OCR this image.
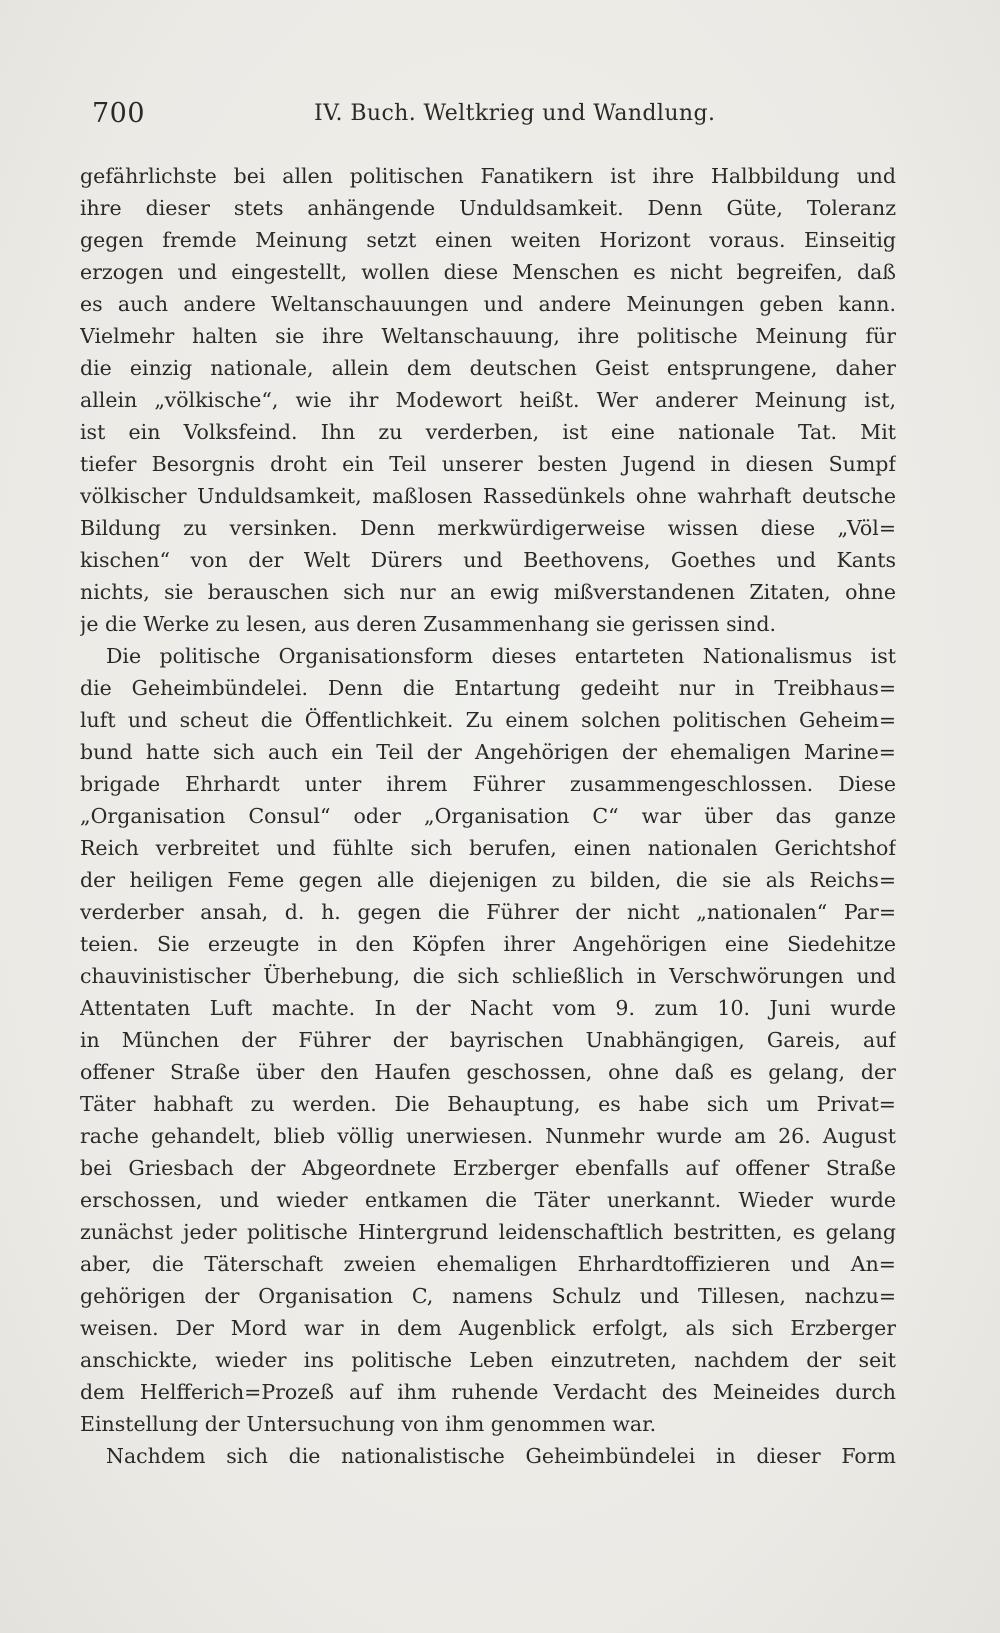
700	IV. Buch. Weltkrieg und Wandlung.
gefährlichste bei allen politischen Fanatikern ist ihre Halbbildung und
ihre dieser stets anhängende Unduldsamkeit. Denn Güte, Toleranz
gegen fremde Meinung setzt einen weiten Horizont voraus. Einseitig
erzogen und eingestellt, wollen diese Menschen es nicht begreifen, daß
es auch andere Weltanschauungen und andere Meinungen geben kann.
Vielmehr halten sie ihre Weltanschauung, ihre politische Meinung für
die einzig nationale, allein dem deutschen Geist entsprungene, daher
allein „völkische“, wie ihr Modewort heißt. Wer anderer Meinung ist,
ist ein Volksfeind. Ihn zu verderben, ist eine nationale Tat. Mit
tiefer Besorgnis droht ein Teil unserer besten Jugend in diesen Sumpf
völkischer Unduldsamkeit, maßlosen Rassedünkels ohne wahrhaft deutsche
Bildung zu versinken. Denn merkwürdigerweise wissen diese „Völ=
kischen“ von der Welt Dürers und Beethovens, Goethes und Kants
nichts, sie berauschen sich nur an ewig mißverstandenen Zitaten, ohne
je die Werke zu lesen, aus deren Zusammenhang sie gerissen sind.
Die politische Organisationsform dieses entarteten Nationalismus ist
die Geheimbündelei. Denn die Entartung gedeiht nur in Treibhaus=
luft und scheut die Öffentlichkeit. Zu einem solchen politischen Geheim=
bund hatte sich auch ein Teil der Angehörigen der ehemaligen Marine=
brigade Ehrhardt unter ihrem Führer zusammengeschlossen. Diese
„Organisation Consul“ oder „Organisation C“ war über das ganze
Reich verbreitet und fühlte sich berufen, einen nationalen Gerichtshof
der heiligen Feme gegen alle diejenigen zu bilden, die sie als Reichs=
verderber ansah, d. h. gegen die Führer der nicht „nationalen“ Par=
teien. Sie erzeugte in den Köpfen ihrer Angehörigen eine Siedehitze
chauvinistischer Überhebung, die sich schließlich in Verschwörungen und
Attentaten Luft machte. In der Nacht vom 9. zum 10. Juni wurde
in München der Führer der bayrischen Unabhängigen, Gareis, auf
offener Straße über den Haufen geschossen, ohne daß es gelang, der
Täter habhaft zu werden. Die Behauptung, es habe sich um Privat=
rache gehandelt, blieb völlig unerwiesen. Nunmehr wurde am 26. August
bei Griesbach der Abgeordnete Erzberger ebenfalls auf offener Straße
erschossen, und wieder entkamen die Täter unerkannt. Wieder wurde
zunächst jeder politische Hintergrund leidenschaftlich bestritten, es gelang
aber, die Täterschaft zweien ehemaligen Ehrhardtoffizieren und An=
gehörigen der Organisation C, namens Schulz und Tillesen, nachzu=
weisen. Der Mord war in dem Augenblick erfolgt, als sich Erzberger
anschickte, wieder ins politische Leben einzutreten, nachdem der seit
dem Helfferich=Prozeß auf ihm ruhende Verdacht des Meineides durch
Einstellung der Untersuchung von ihm genommen war.
Nachdem sich die nationalistische Geheimbündelei in dieser Form
